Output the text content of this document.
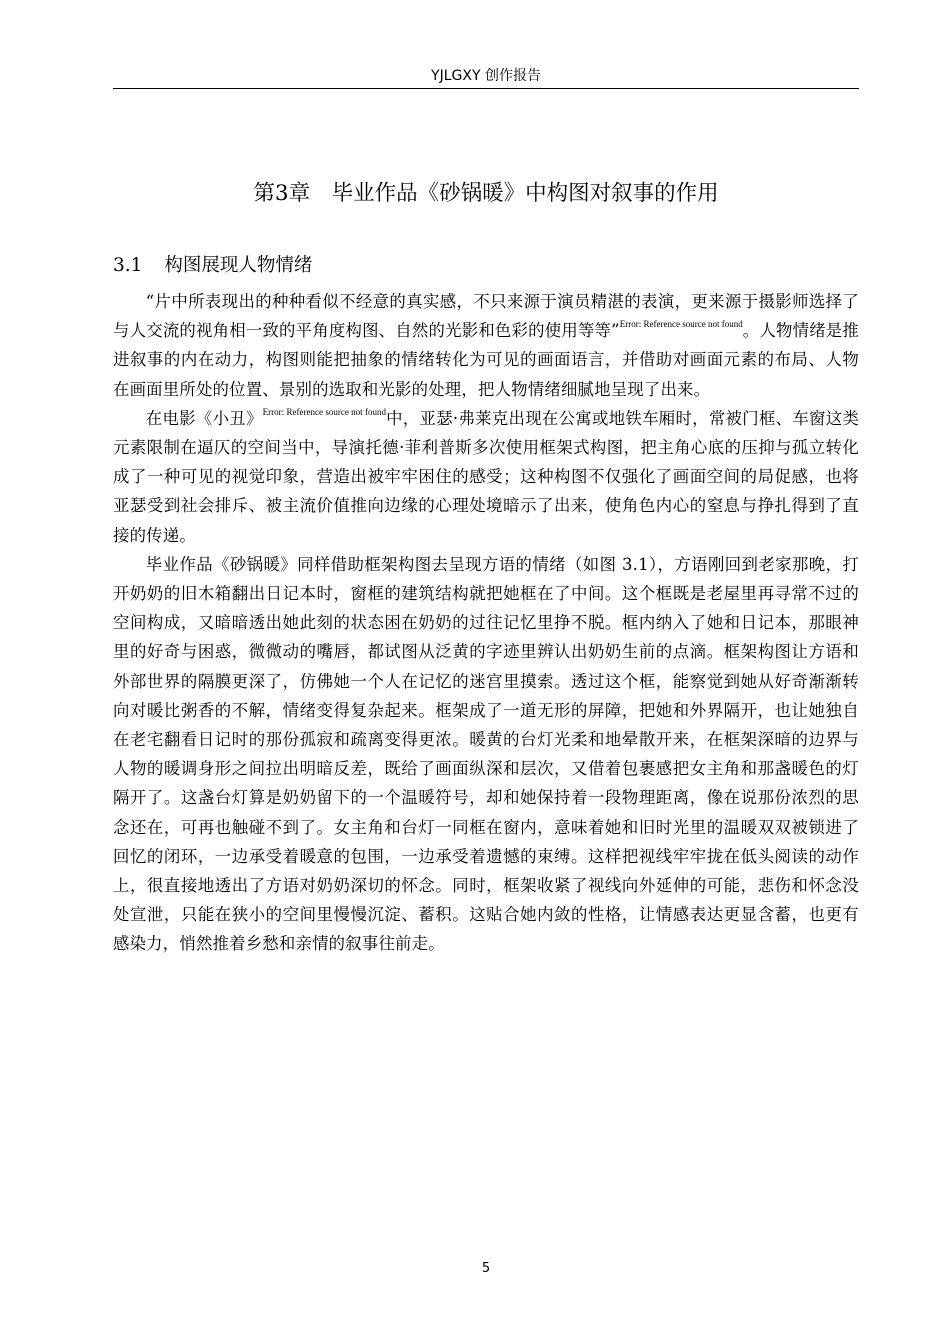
YJLGXY 创作报告
第3章  毕业作品《砂锅暖》中构图对叙事的作用
3.1 构图展现人物情绪

“片中所表现出的种种看似不经意的真实感，不只来源于演员精湛的表演，更来源于摄影师选择了与人交流的视角相一致的平角度构图、自然的光影和色彩的使用等等”$^{Error: Reference source not found}$。人物情绪是推进叙事的内在动力，构图则能把抽象的情绪转化为可见的画面语言，并借助对画面元素的布局、人物在画面里所处的位置、景别的选取和光影的处理，把人物情绪细腻地呈现了出来。

在电影《小丑》$^{Error: Reference source not found}$中，亚瑟·弗莱克出现在公寓或地铁车厢时，常被门框、车窗这类元素限制在逼仄的空间当中，导演托德·菲利普斯多次使用框架式构图，把主角心底的压抑与孤立转化成了一种可见的视觉印象，营造出被牢牢困住的感受；这种构图不仅强化了画面空间的局促感，也将亚瑟受到社会排斥、被主流价值推向边缘的心理处境暗示了出来，使角色内心的窒息与挣扎得到了直接的传递。

毕业作品《砂锅暖》同样借助框架构图去呈现方语的情绪（如图 3.1），方语刚回到老家那晚，打开奶奶的旧木箱翻出日记本时，窗框的建筑结构就把她框在了中间。这个框既是老屋里再寻常不过的空间构成，又暗暗透出她此刻的状态困在奶奶的过往记忆里挣不脱。框内纳入了她和日记本，那眼神里的好奇与困惑，微微动的嘴唇，都试图从泛黄的字迹里辨认出奶奶生前的点滴。框架构图让方语和外部世界的隔膜更深了，仿佛她一个人在记忆的迷宫里摸索。透过这个框，能察觉到她从好奇渐渐转向对暖比粥香的不解，情绪变得复杂起来。框架成了一道无形的屏障，把她和外界隔开，也让她独自在老宅翻看日记时的那份孤寂和疏离变得更浓。暖黄的台灯光柔和地晕散开来，在框架深暗的边界与人物的暖调身形之间拉出明暗反差，既给了画面纵深和层次，又借着包裹感把女主角和那盏暖色的灯隔开了。这盏台灯算是奶奶留下的一个温暖符号，却和她保持着一段物理距离，像在说那份浓烈的思念还在，可再也触碰不到了。女主角和台灯一同框在窗内，意味着她和旧时光里的温暖双双被锁进了回忆的闭环，一边承受着暖意的包围，一边承受着遗憾的束缚。这样把视线牢牢拢在低头阅读的动作上，很直接地透出了方语对奶奶深切的怀念。同时，框架收紧了视线向外延伸的可能，悲伤和怀念没处宣泄，只能在狭小的空间里慢慢沉淀、蓄积。这贴合她内敛的性格，让情感表达更显含蓄，也更有感染力，悄然推着乡愁和亲情的叙事往前走。

5
